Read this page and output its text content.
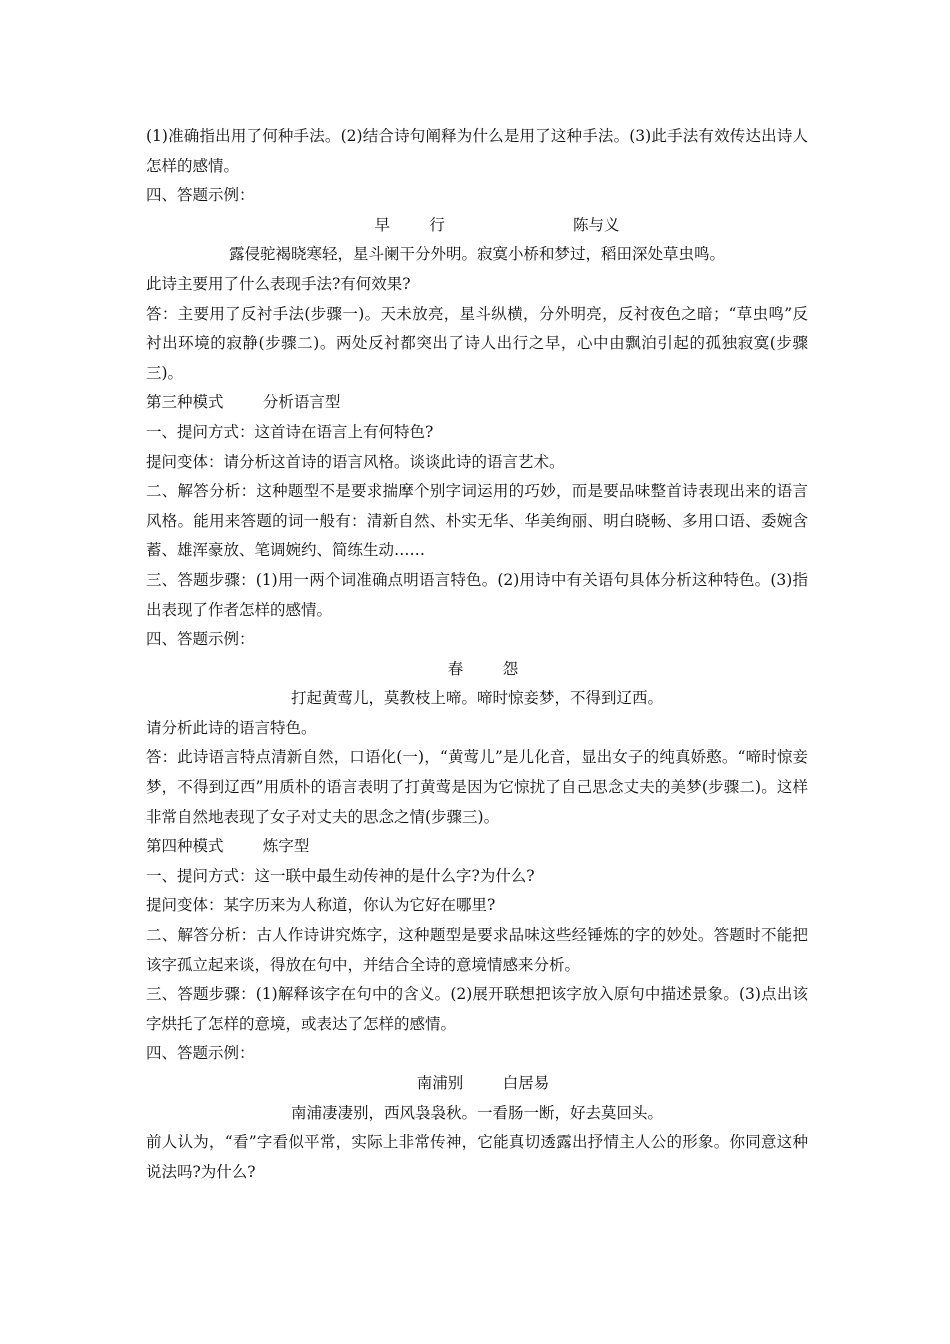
(1)准确指出用了何种手法。(2)结合诗句阐释为什么是用了这种手法。(3)此手法有效传达出诗人怎样的感情。

四、答题示例：

早        行                          陈与义

露侵驼褐晓寒轻，星斗阑干分外明。寂寞小桥和梦过，稻田深处草虫鸣。

此诗主要用了什么表现手法?有何效果?

答：主要用了反衬手法(步骤一)。天未放亮，星斗纵横，分外明亮，反衬夜色之暗；“草虫鸣”反衬出环境的寂静(步骤二)。两处反衬都突出了诗人出行之早，心中由飘泊引起的孤独寂寞(步骤三)。

第三种模式        分析语言型

一、提问方式：这首诗在语言上有何特色?

提问变体：请分析这首诗的语言风格。谈谈此诗的语言艺术。

二、解答分析：这种题型不是要求揣摩个别字词运用的巧妙，而是要品味整首诗表现出来的语言风格。能用来答题的词一般有：清新自然、朴实无华、华美绚丽、明白晓畅、多用口语、委婉含蓄、雄浑豪放、笔调婉约、简练生动……

三、答题步骤：(1)用一两个词准确点明语言特色。(2)用诗中有关语句具体分析这种特色。(3)指出表现了作者怎样的感情。

四、答题示例：

春        怨

打起黄莺儿，莫教枝上啼。啼时惊妾梦，不得到辽西。

请分析此诗的语言特色。

答：此诗语言特点清新自然，口语化(一)，“黄莺儿”是儿化音，显出女子的纯真娇憨。“啼时惊妾梦，不得到辽西”用质朴的语言表明了打黄莺是因为它惊扰了自己思念丈夫的美梦(步骤二)。这样非常自然地表现了女子对丈夫的思念之情(步骤三)。

第四种模式        炼字型

一、提问方式：这一联中最生动传神的是什么字?为什么?

提问变体：某字历来为人称道，你认为它好在哪里?

二、解答分析：古人作诗讲究炼字，这种题型是要求品味这些经锤炼的字的妙处。答题时不能把该字孤立起来谈，得放在句中，并结合全诗的意境情感来分析。

三、答题步骤：(1)解释该字在句中的含义。(2)展开联想把该字放入原句中描述景象。(3)点出该字烘托了怎样的意境，或表达了怎样的感情。

四、答题示例：

南浦别        白居易

南浦凄凄别，西风袅袅秋。一看肠一断，好去莫回头。

前人认为，“看”字看似平常，实际上非常传神，它能真切透露出抒情主人公的形象。你同意这种说法吗?为什么?
